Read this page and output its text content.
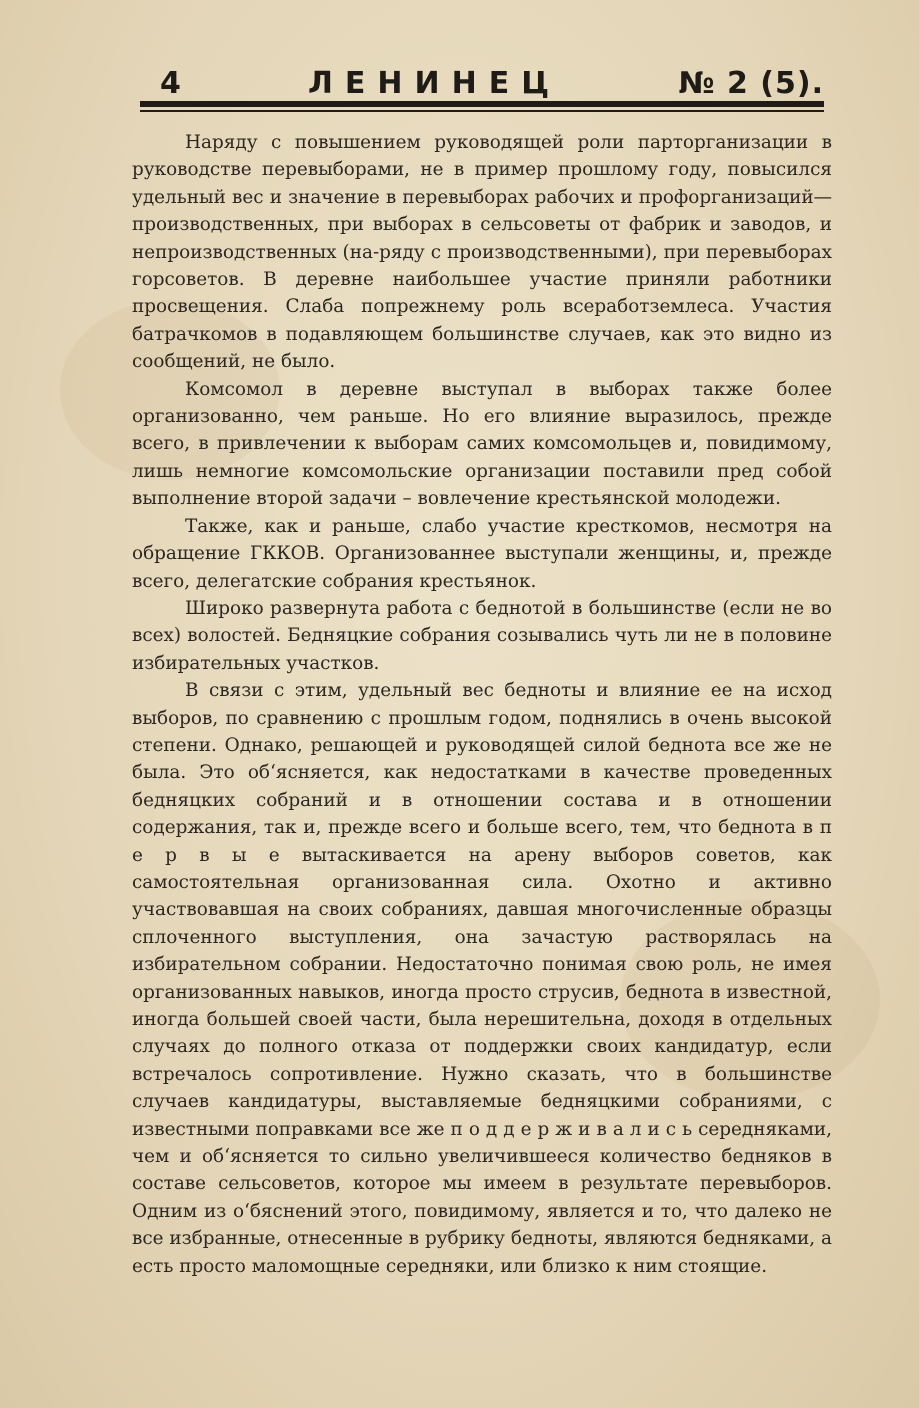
4	ЛЕНИНЕЦ	№ 2 (5).

Наряду с повышением руководящей роли парторганизации в руководстве перевыборами, не в пример прошлому году, повысился удельный вес и значение в перевыборах рабочих и профорганизаций—производственных, при выборах в сельсоветы от фабрик и заводов, и непроизводственных (на-ряду с производственными), при перевыборах горсоветов. В деревне наибольшее участие приняли работники просвещения. Слаба попрежнему роль всеработземлеса. Участия батрачкомов в подавляющем большинстве случаев, как это видно из сообщений, не было.

Комсомол в деревне выступал в выборах также более организованно, чем раньше. Но его влияние выразилось, прежде всего, в привлечении к выборам самих комсомольцев и, повидимому, лишь немногие комсомольские организации поставили пред собой выполнение второй задачи – вовлечение крестьянской молодежи.

Также, как и раньше, слабо участие кресткомов, несмотря на обращение ГККОВ. Организованнее выступали женщины, и, прежде всего, делегатские собрания крестьянок.

Широко развернута работа с беднотой в большинстве (если не во всех) волостей. Бедняцкие собрания созывались чуть ли не в половине избирательных участков.

В связи с этим, удельный вес бедноты и влияние ее на исход выборов, по сравнению с прошлым годом, поднялись в очень высокой степени. Однако, решающей и руководящей силой беднота все же не была. Это об‘ясняется, как недостатками в качестве проведенных бедняцких собраний и в отношении состава и в отношении содержания, так и, прежде всего и больше всего, тем, что беднота в п е р в ы е вытаскивается на арену выборов советов, как самостоятельная организованная сила. Охотно и активно участвовавшая на своих собраниях, давшая многочисленные образцы сплоченного выступления, она зачастую растворялась на избирательном собрании. Недостаточно понимая свою роль, не имея организованных навыков, иногда просто струсив, беднота в известной, иногда большей своей части, была нерешительна, доходя в отдельных случаях до полного отказа от поддержки своих кандидатур, если встречалось сопротивление. Нужно сказать, что в большинстве случаев кандидатуры, выставляемые бедняцкими собраниями, с известными поправками все же п о д д е р ж и в а л и с ь середняками, чем и об‘ясняется то сильно увеличившееся количество бедняков в составе сельсоветов, которое мы имеем в результате перевыборов. Одним из о‘бяснений этого, повидимому, является и то, что далеко не все избранные, отнесенные в рубрику бедноты, являются бедняками, а есть просто маломощные середняки, или близко к ним стоящие.
